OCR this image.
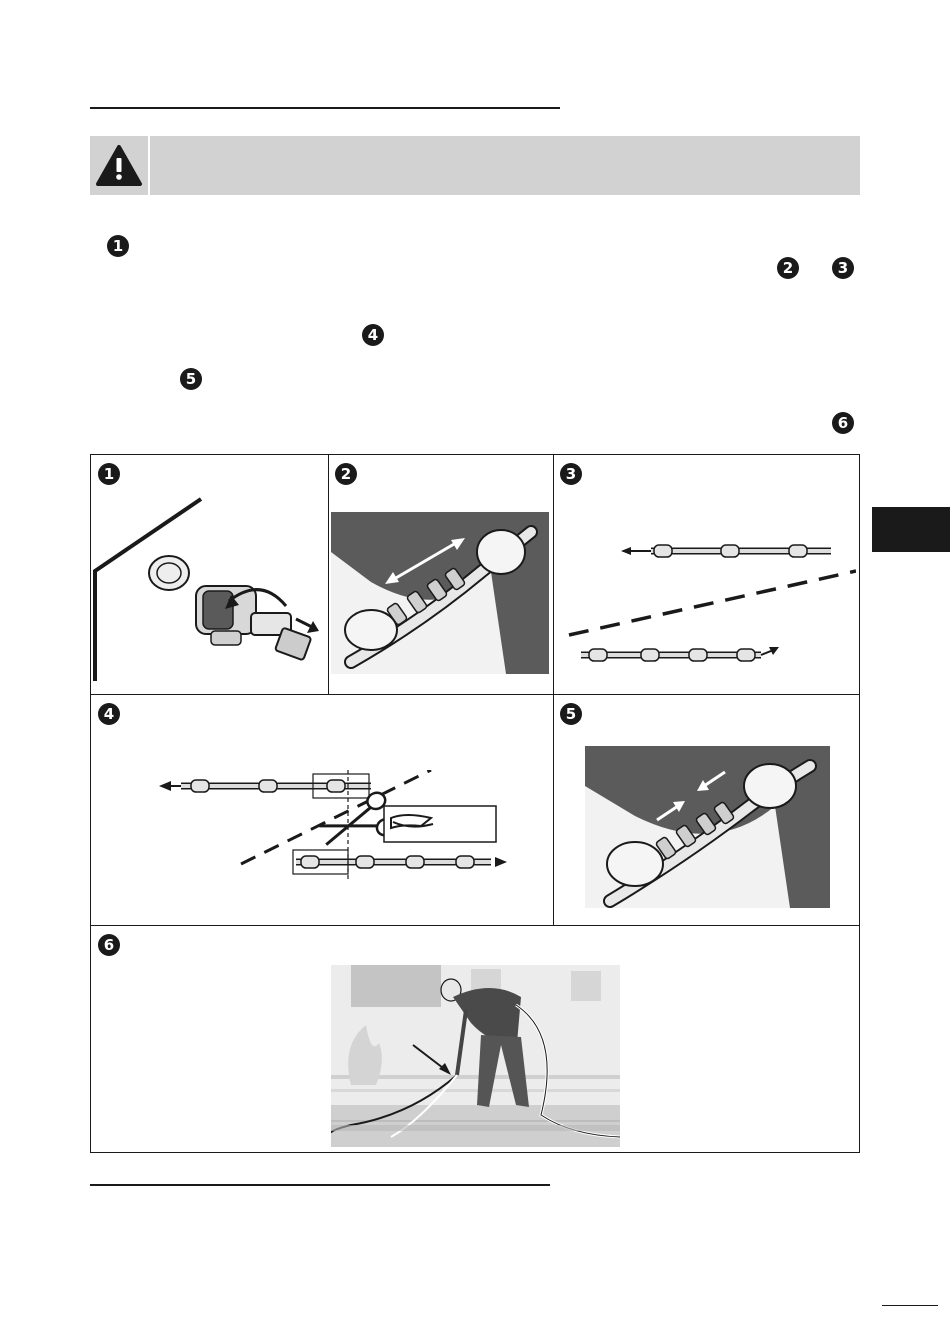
1
2	3
4
5
6
1	2	3
4	5
6
